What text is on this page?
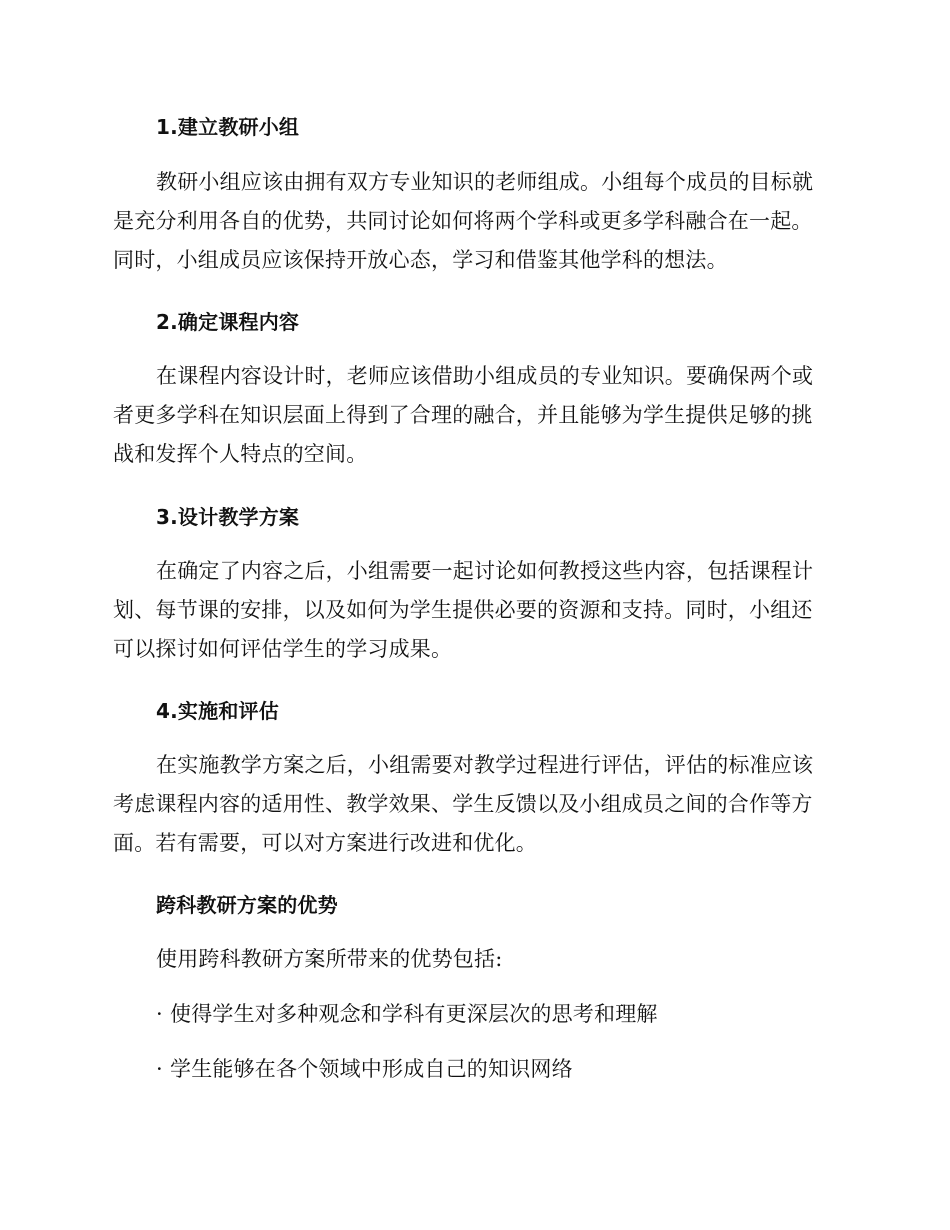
1.建立教研小组

教研小组应该由拥有双方专业知识的老师组成。小组每个成员的目标就是充分利用各自的优势，共同讨论如何将两个学科或更多学科融合在一起。同时，小组成员应该保持开放心态，学习和借鉴其他学科的想法。

2.确定课程内容

在课程内容设计时，老师应该借助小组成员的专业知识。要确保两个或者更多学科在知识层面上得到了合理的融合，并且能够为学生提供足够的挑战和发挥个人特点的空间。

3.设计教学方案

在确定了内容之后，小组需要一起讨论如何教授这些内容，包括课程计划、每节课的安排，以及如何为学生提供必要的资源和支持。同时，小组还可以探讨如何评估学生的学习成果。

4.实施和评估

在实施教学方案之后，小组需要对教学过程进行评估，评估的标准应该考虑课程内容的适用性、教学效果、学生反馈以及小组成员之间的合作等方面。若有需要，可以对方案进行改进和优化。

跨科教研方案的优势

使用跨科教研方案所带来的优势包括:

· 使得学生对多种观念和学科有更深层次的思考和理解
· 学生能够在各个领域中形成自己的知识网络
